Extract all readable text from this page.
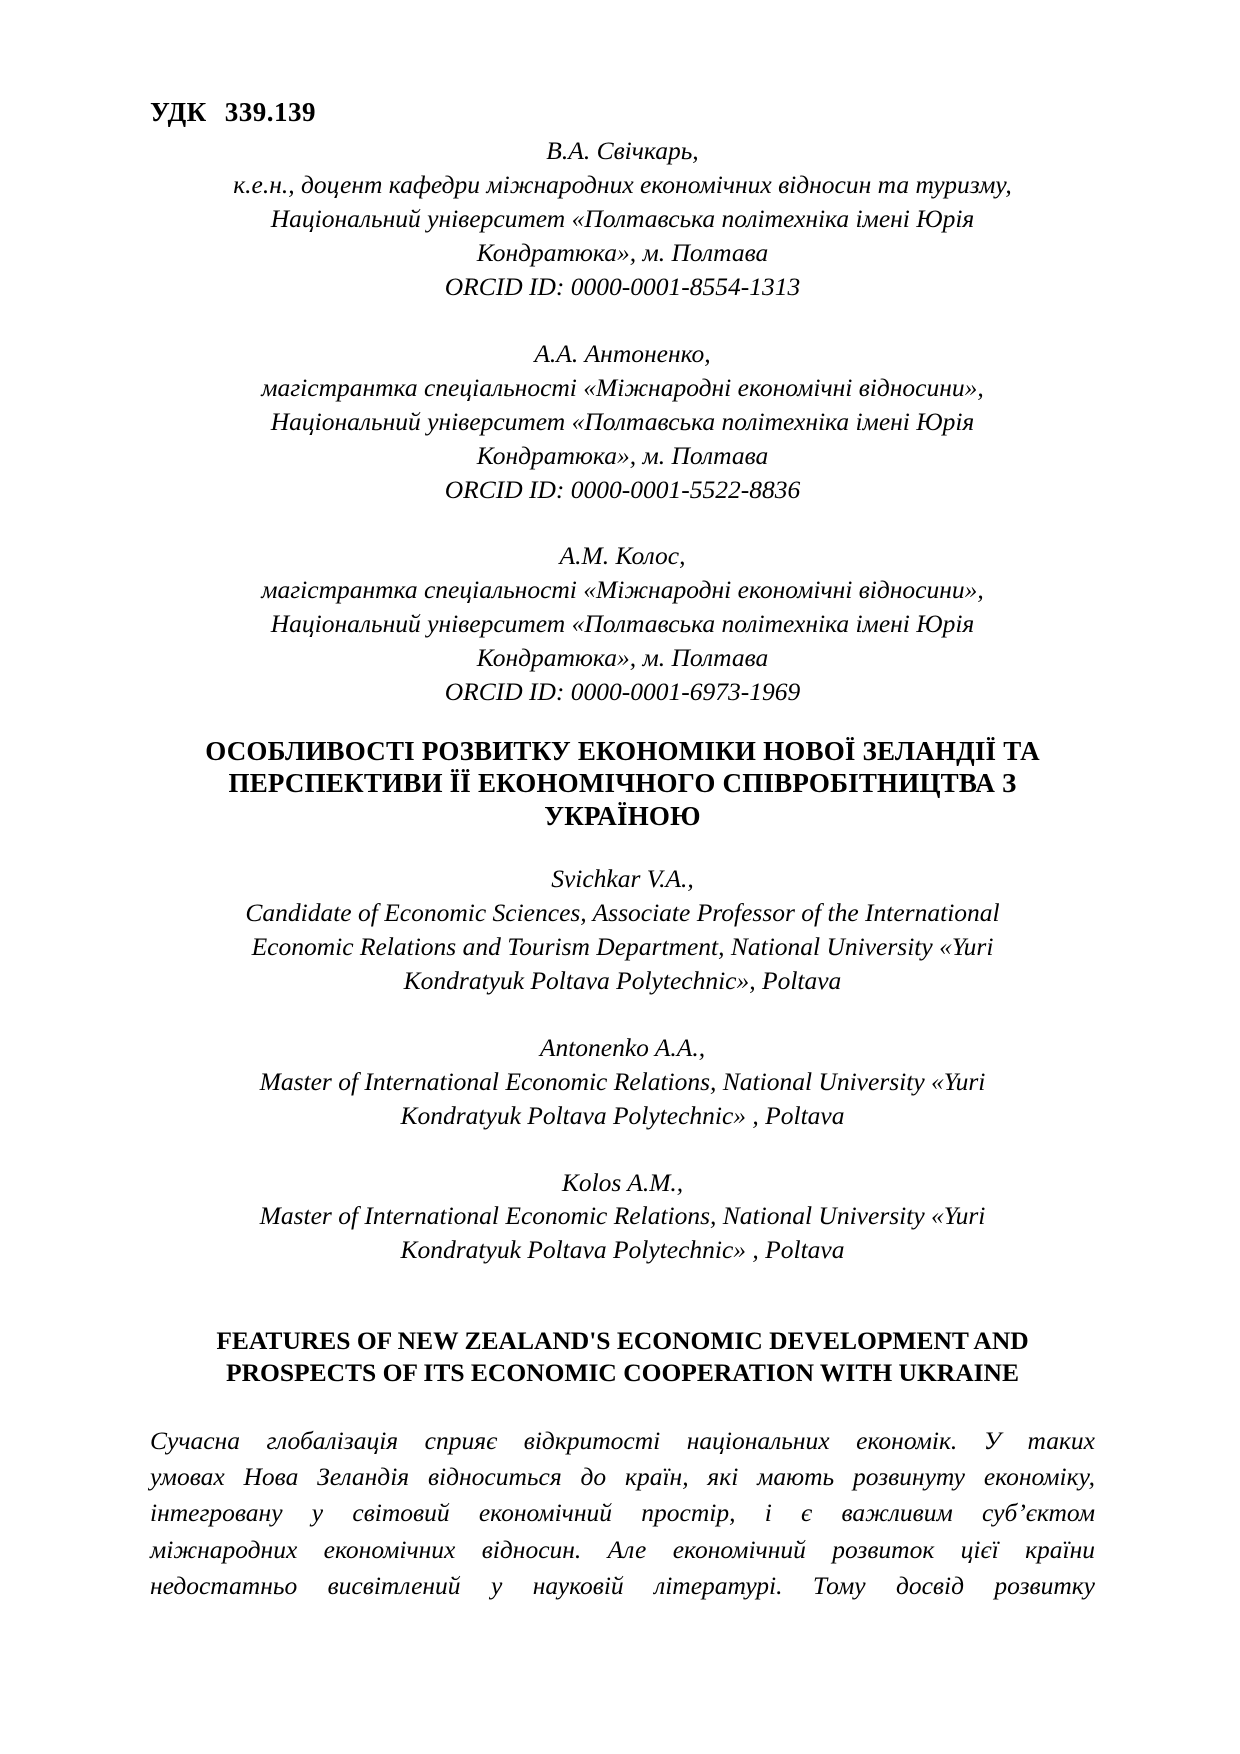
УДК 339.139

В.А. Свічкарь,
к.е.н., доцент кафедри міжнародних економічних відносин та туризму,
Національний університет «Полтавська політехніка імені Юрія
Кондратюка», м. Полтава
ORCID ID: 0000-0001-8554-1313
А.А. Антоненко,
магістрантка спеціальності «Міжнародні економічні відносини»,
Національний університет «Полтавська політехніка імені Юрія
Кондратюка», м. Полтава
ORCID ID: 0000-0001-5522-8836
А.М. Колос,
магістрантка спеціальності «Міжнародні економічні відносини»,
Національний університет «Полтавська політехніка імені Юрія
Кондратюка», м. Полтава
ORCID ID: 0000-0001-6973-1969
ОСОБЛИВОСТІ РОЗВИТКУ ЕКОНОМІКИ НОВОЇ ЗЕЛАНДІЇ ТА
ПЕРСПЕКТИВИ ЇЇ ЕКОНОМІЧНОГО СПІВРОБІТНИЦТВА З
УКРАЇНОЮ
Svichkar V.A.,
Candidate of Economic Sciences, Associate Professor of the International
Economic Relations and Tourism Department, National University «Yuri
Kondratyuk Poltava Polytechnic», Poltava
Antonenko A.A.,
Master of International Economic Relations, National University «Yuri
Kondratyuk Poltava Polytechnic» , Poltava
Kolos A.M.,
Master of International Economic Relations, National University «Yuri
Kondratyuk Poltava Polytechnic» , Poltava
FEATURES OF NEW ZEALAND'S ECONOMIC DEVELOPMENT AND
PROSPECTS OF ITS ECONOMIC COOPERATION WITH UKRAINE
Сучасна глобалізація сприяє відкритості національних економік. У таких
умовах Нова Зеландія відноситься до країн, які мають розвинуту економіку,
інтегровану у світовий економічний простір, і є важливим суб’єктом
міжнародних економічних відносин. Але економічний розвиток цієї країни
недостатньо висвітлений у науковій літературі. Тому досвід розвитку
